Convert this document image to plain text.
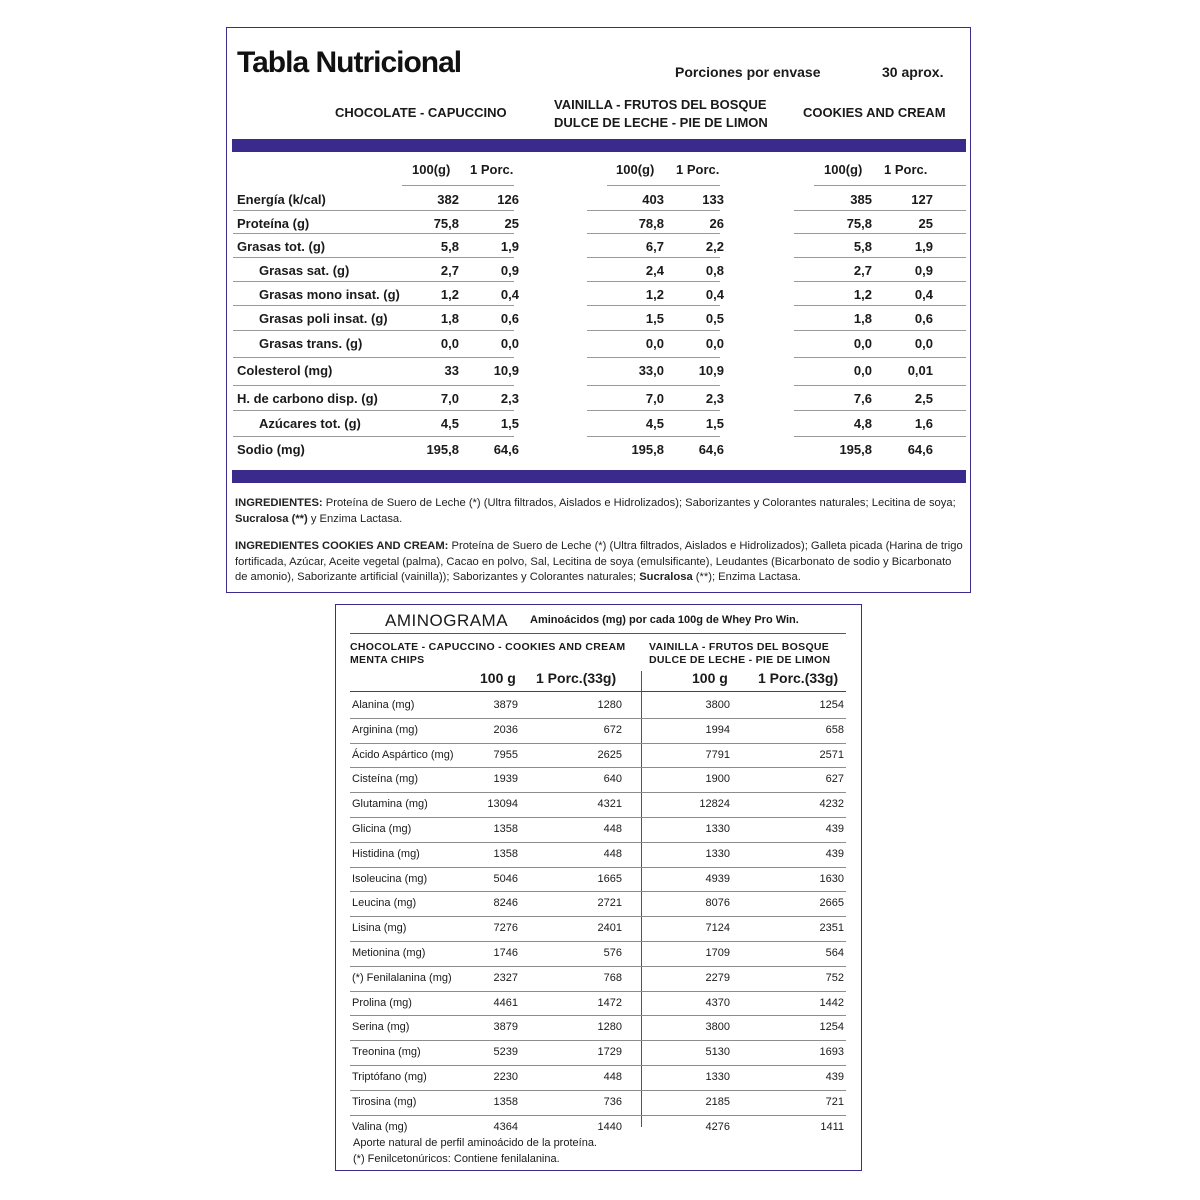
Tabla Nutricional	Porciones por envase	30 aprox.
CHOCOLATE - CAPUCCINO
VAINILLA - FRUTOS DEL BOSQUE
DULCE DE LECHE - PIE DE LIMON
COOKIES AND CREAM
100(g) 1 Porc.	100(g) 1 Porc.	100(g) 1 Porc.
Energía (k/cal)	382	126	403	133	385	127
Proteína (g)	75,8	25	78,8	26	75,8	25
Grasas tot. (g)	5,8	1,9	6,7	2,2	5,8	1,9
Grasas sat. (g)	2,7	0,9	2,4	0,8	2,7	0,9
Grasas mono insat. (g)	1,2	0,4	1,2	0,4	1,2	0,4
Grasas poli insat. (g)	1,8	0,6	1,5	0,5	1,8	0,6
Grasas trans. (g)	0,0	0,0	0,0	0,0	0,0	0,0
Colesterol (mg)	33	10,9	33,0	10,9	0,0	0,01
H. de carbono disp. (g)	7,0	2,3	7,0	2,3	7,6	2,5
Azúcares tot. (g)	4,5	1,5	4,5	1,5	4,8	1,6
Sodio (mg)	195,8	64,6	195,8	64,6	195,8	64,6
INGREDIENTES: Proteína de Suero de Leche (*) (Ultra filtrados, Aislados e Hidrolizados); Saborizantes y Colorantes naturales; Lecitina de soya; Sucralosa (**) y Enzima Lactasa.
INGREDIENTES COOKIES AND CREAM: Proteína de Suero de Leche (*) (Ultra filtrados, Aislados e Hidrolizados); Galleta picada (Harina de trigo fortificada, Azúcar, Aceite vegetal (palma), Cacao en polvo, Sal, Lecitina de soya (emulsificante), Leudantes (Bicarbonato de sodio y Bicarbonato de amonio), Saborizante artificial (vainilla)); Saborizantes y Colorantes naturales; Sucralosa (**); Enzima Lactasa.
AMINOGRAMA Aminoácidos (mg) por cada 100g de Whey Pro Win.
CHOCOLATE - CAPUCCINO - COOKIES AND CREAM
MENTA CHIPS
VAINILLA - FRUTOS DEL BOSQUE
DULCE DE LECHE - PIE DE LIMON
100 g 1 Porc.(33g)	100 g 1 Porc.(33g)
Alanina (mg)	3879	1280	3800	1254
Arginina (mg)	2036	672	1994	658
Ácido Aspártico (mg)	7955	2625	7791	2571
Cisteína (mg)	1939	640	1900	627
Glutamina (mg)	13094	4321	12824	4232
Glicina (mg)	1358	448	1330	439
Histidina (mg)	1358	448	1330	439
Isoleucina (mg)	5046	1665	4939	1630
Leucina (mg)	8246	2721	8076	2665
Lisina (mg)	7276	2401	7124	2351
Metionina (mg)	1746	576	1709	564
(*) Fenilalanina (mg)	2327	768	2279	752
Prolina (mg)	4461	1472	4370	1442
Serina (mg)	3879	1280	3800	1254
Treonina (mg)	5239	1729	5130	1693
Triptófano (mg)	2230	448	1330	439
Tirosina (mg)	1358	736	2185	721
Valina (mg)	4364	1440	4276	1411
Aporte natural de perfil aminoácido de la proteína.
(*) Fenilcetonúricos: Contiene fenilalanina.
